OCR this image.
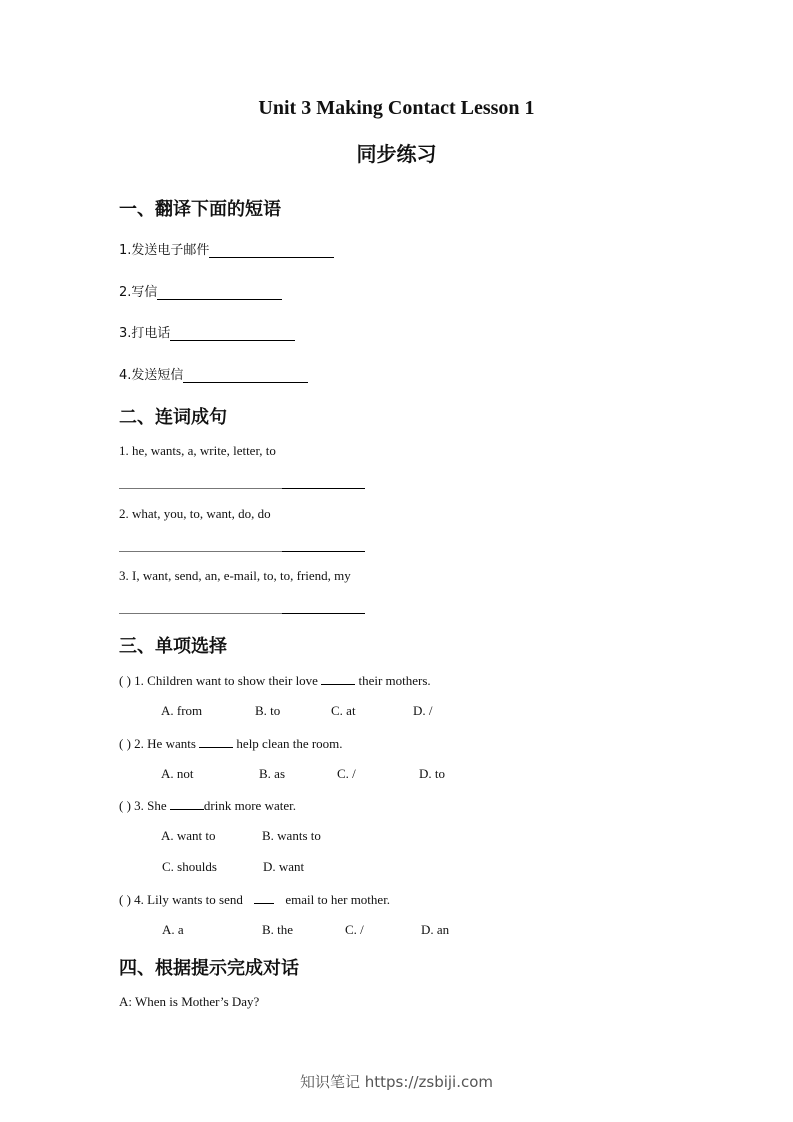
Unit 3 Making Contact Lesson 1
同步练习
一、翻译下面的短语
1.发送电子邮件
2.写信
3.打电话
4.发送短信
二、连词成句
1. he, wants, a, write, letter, to
2. what, you, to, want, do, do
3. I, want, send, an, e-mail, to, to, friend, my
三、单项选择
( ) 1. Children want to show their love	their mothers.
A. from	B. to	C. at	D. /
( ) 2. He wants	help clean the room.
A. not	B. as	C. /	D. to
( ) 3. She	drink more water.
A. want to	B. wants to
C. shoulds	D. want
( ) 4. Lily wants to send	email to her mother.
A. a	B. the	C. /	D. an
四、根据提示完成对话
A: When is Mother’s Day?
知识笔记 https://zsbiji.com
